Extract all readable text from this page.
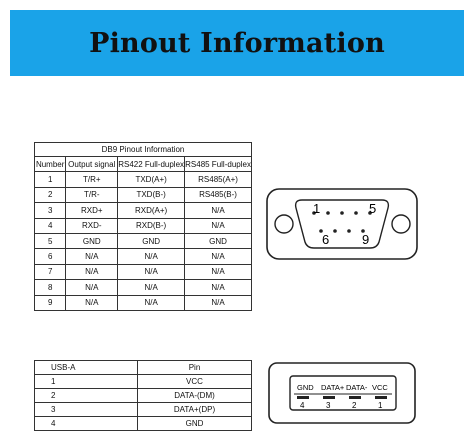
Pinout Information
DB9 Pinout Information			
Number	Output signal	RS422 Full-duplex	RS485 Full-duplex
1	T/R+	TXD(A+)	RS485(A+)
2	T/R-	TXD(B-)	RS485(B-)
3	RXD+	RXD(A+)	N/A
4	RXD-	RXD(B-)	N/A
5	GND	GND	GND
6	N/A	N/A	N/A
7	N/A	N/A	N/A
8	N/A	N/A	N/A
9	N/A	N/A	N/A
1	5
6	9
USB-A	Pin
1	VCC
2	DATA-(DM)
3	DATA+(DP)
4	GND
GND DATA+ DATA- VCC
4	3	2	1
